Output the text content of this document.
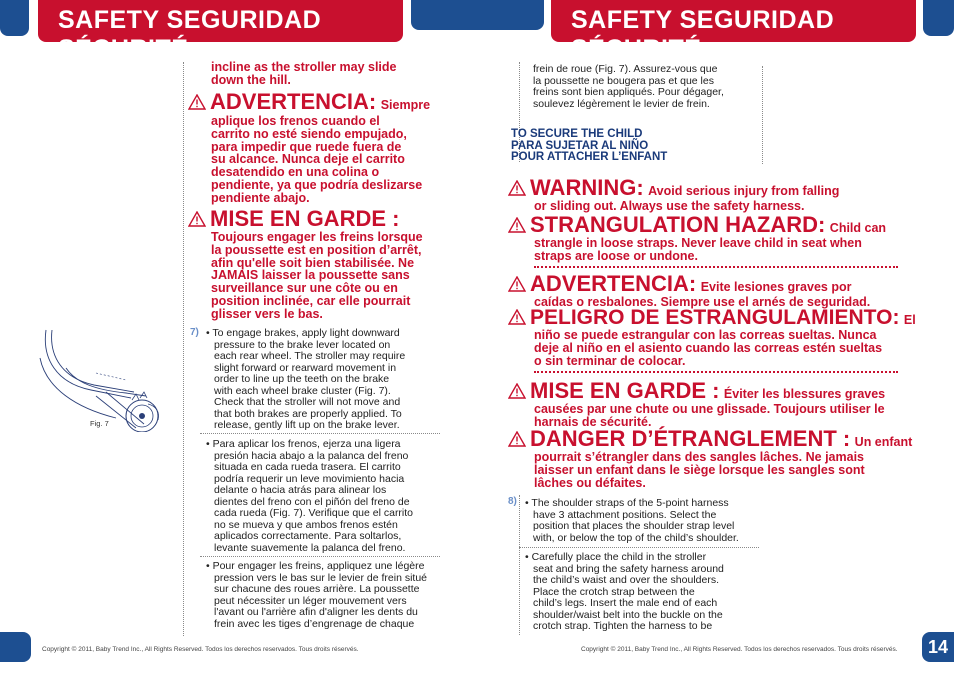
SAFETY SEGURIDAD SÉCURITÉ
SAFETY SEGURIDAD SÉCURITÉ
incline as the stroller may slide
down the hill.
ADVERTENCIA: Siempre
aplique los frenos cuando el
carrito no esté siendo empujado,
para impedir que ruede fuera de
su alcance. Nunca deje el carrito
desatendido en una colina o
pendiente, ya que podría deslizarse
pendiente abajo.
MISE EN GARDE :
Toujours engager les freins lorsque
la poussette est en position d’arrêt,
afin qu'elle soit bien stabilisée. Ne
JAMAIS laisser la poussette sans
surveillance sur une côte ou en
position inclinée, car elle pourrait
glisser vers le bas.
Fig. 7
7) • To engage brakes, apply light downward
pressure to the brake lever located on
each rear wheel. The stroller may require
slight forward or rearward movement in
order to line up the teeth on the brake
with each wheel brake cluster (Fig. 7).
Check that the stroller will not move and
that both brakes are properly applied. To
release, gently lift up on the brake lever.
• Para aplicar los frenos, ejerza una ligera
presión hacia abajo a la palanca del freno
situada en cada rueda trasera. El carrito
podría requerir un leve movimiento hacia
delante o hacia atrás para alinear los
dientes del freno con el piñón del freno de
cada rueda (Fig. 7). Verifique que el carrito
no se mueva y que ambos frenos estén
aplicados correctamente. Para soltarlos,
levante suavemente la palanca del freno.
• Pour engager les freins, appliquez une légère
pression vers le bas sur le levier de frein situé
sur chacune des roues arrière. La poussette
peut nécessiter un léger mouvement vers
l'avant ou l'arrière afin d'aligner les dents du
frein avec les tiges d’engrenage de chaque
frein de roue (Fig. 7). Assurez-vous que
la poussette ne bougera pas et que les
freins sont bien appliqués. Pour dégager,
soulevez légèrement le levier de frein.
TO SECURE THE CHILD
PARA SUJETAR AL NIÑO
POUR ATTACHER L’ENFANT
WARNING: Avoid serious injury from falling
or sliding out. Always use the safety harness.
STRANGULATION HAZARD: Child can
strangle in loose straps. Never leave child in seat when
straps are loose or undone.
ADVERTENCIA: Evite lesiones graves por
caídas o resbalones. Siempre use el arnés de seguridad.
PELIGRO DE ESTRANGULAMIENTO: El
niño se puede estrangular con las correas sueltas. Nunca
deje al niño en el asiento cuando las correas estén sueltas
o sin terminar de colocar.
MISE EN GARDE : Éviter les blessures graves
causées par une chute ou une glissade. Toujours utiliser le
harnais de sécurité.
DANGER D’ÉTRANGLEMENT : Un enfant
pourrait s’étrangler dans des sangles lâches. Ne jamais
laisser un enfant dans le siège lorsque les sangles sont
lâches ou défaites.
8) • The shoulder straps of the 5-point harness
have 3 attachment positions. Select the
position that places the shoulder strap level
with, or below the top of the child’s shoulder.
• Carefully place the child in the stroller
seat and bring the safety harness around
the child’s waist and over the shoulders.
Place the crotch strap between the
child’s legs. Insert the male end of each
shoulder/waist belt into the buckle on the
crotch strap. Tighten the harness to be
Copyright © 2011, Baby Trend Inc., All Rights Reserved. Todos los derechos reservados. Tous droits réservés.	Copyright © 2011, Baby Trend Inc., All Rights Reserved. Todos los derechos reservados. Tous droits réservés.	14
